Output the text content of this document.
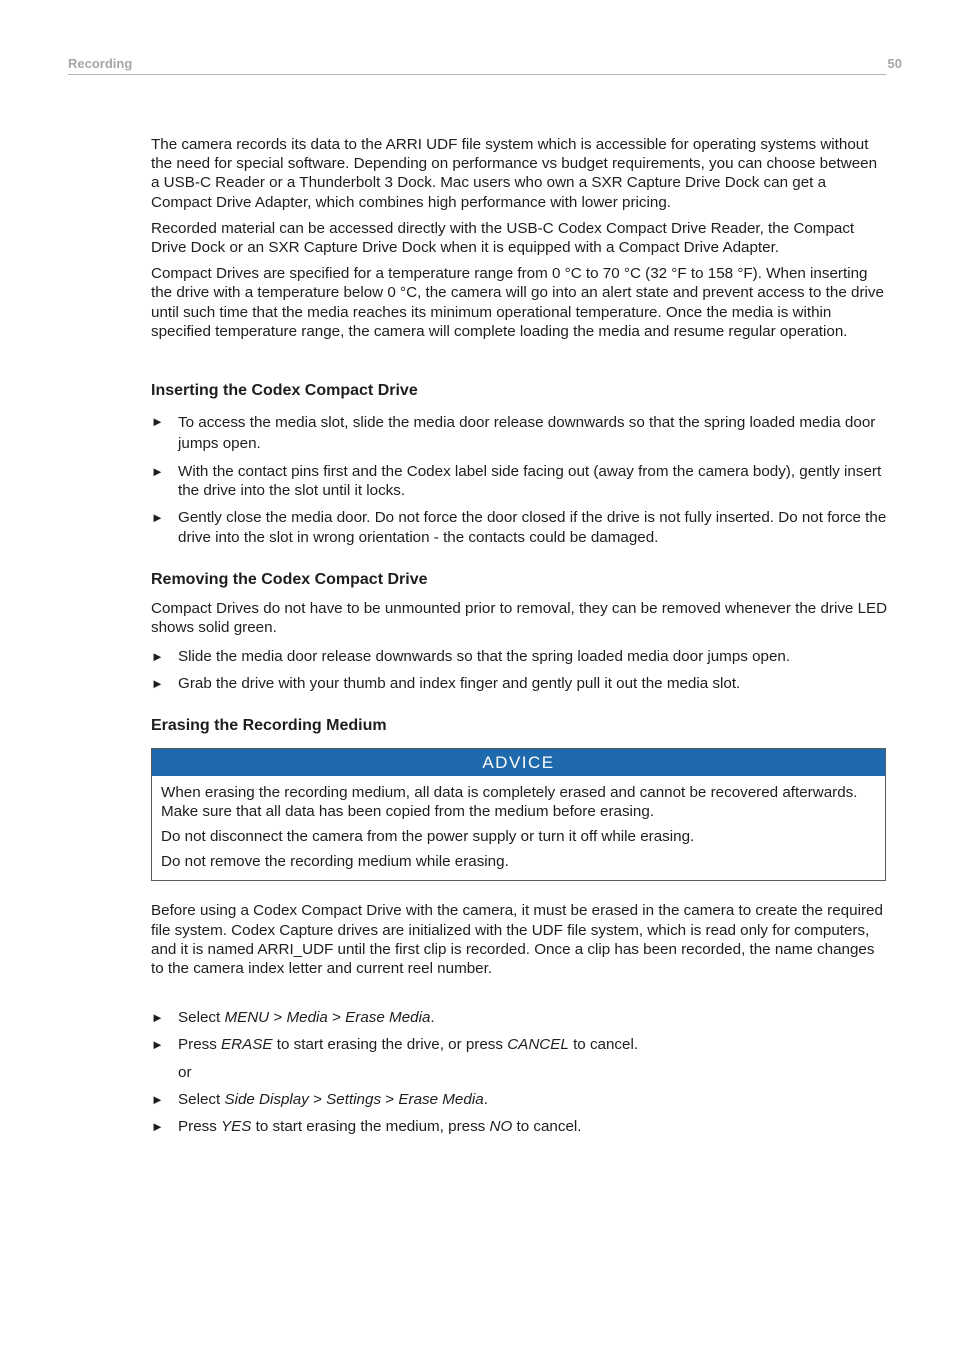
Recording	50

The camera records its data to the ARRI UDF file system which is accessible for operating systems without the need for special software. Depending on performance vs budget requirements, you can choose between a USB-C Reader or a Thunderbolt 3 Dock. Mac users who own a SXR Capture Drive Dock can get a Compact Drive Adapter, which combines high performance with lower pricing.

Recorded material can be accessed directly with the USB-C Codex Compact Drive Reader, the Compact Drive Dock or an SXR Capture Drive Dock when it is equipped with a Compact Drive Adapter.

Compact Drives are specified for a temperature range from 0 °C to 70 °C (32 °F to 158 °F). When inserting the drive with a temperature below 0 °C, the camera will go into an alert state and prevent access to the drive until such time that the media reaches its minimum operational temperature. Once the media is within specified temperature range, the camera will complete loading the media and resume regular operation.

Inserting the Codex Compact Drive
► To access the media slot, slide the media door release downwards so that the spring loaded media door jumps open.
► With the contact pins first and the Codex label side facing out (away from the camera body), gently insert the drive into the slot until it locks.
► Gently close the media door. Do not force the door closed if the drive is not fully inserted. Do not force the drive into the slot in wrong orientation - the contacts could be damaged.
Removing the Codex Compact Drive

Compact Drives do not have to be unmounted prior to removal, they can be removed whenever the drive LED shows solid green.

► Slide the media door release downwards so that the spring loaded media door jumps open.
► Grab the drive with your thumb and index finger and gently pull it out the media slot.
Erasing the Recording Medium
ADVICE

When erasing the recording medium, all data is completely erased and cannot be recovered afterwards. Make sure that all data has been copied from the medium before erasing.

Do not disconnect the camera from the power supply or turn it off while erasing.

Do not remove the recording medium while erasing.

Before using a Codex Compact Drive with the camera, it must be erased in the camera to create the required file system. Codex Capture drives are initialized with the UDF file system, which is read only for computers, and it is named ARRI_UDF until the first clip is recorded. Once a clip has been recorded, the name changes to the camera index letter and current reel number.

► Select MENU > Media > Erase Media.
► Press ERASE to start erasing the drive, or press CANCEL to cancel.

or

► Select Side Display > Settings > Erase Media.
► Press YES to start erasing the medium, press NO to cancel.
